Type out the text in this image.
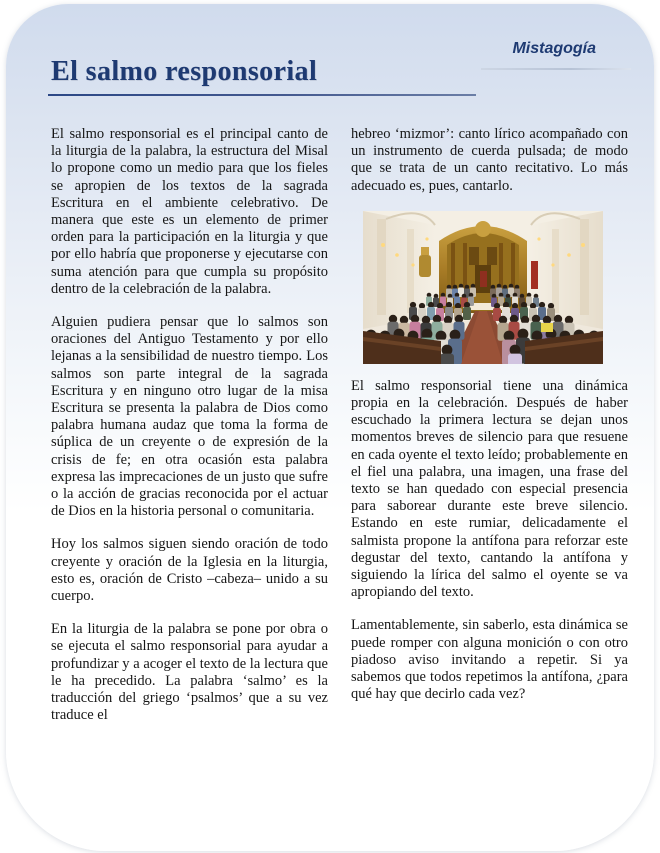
Mistagogía
El salmo responsorial

El salmo responsorial es el principal canto de la liturgia de la palabra, la estructura del Misal lo propone como un medio para que los fieles se apropien de los textos de la sagrada Escritura en el ambiente celebrativo. De manera que este es un elemento de primer orden para la participación en la liturgia y que por ello habría que proponerse y ejecutarse con suma atención para que cumpla su propósito dentro de la celebración de la palabra.

Alguien pudiera pensar que lo salmos son oraciones del Antiguo Testamento y por ello lejanas a la sensibilidad de nuestro tiempo. Los salmos son parte integral de la sagrada Escritura y en ninguno otro lugar de la misa Escritura se presenta la palabra de Dios como palabra humana audaz que toma la forma de súplica de un creyente o de expresión de la crisis de fe; en otra ocasión esta palabra expresa las imprecaciones de un justo que sufre o la acción de gracias reconocida por el actuar de Dios en la historia personal o comunitaria.

Hoy los salmos siguen siendo oración de todo creyente y oración de la Iglesia en la liturgia, esto es, oración de Cristo –cabeza– unido a su cuerpo.

En la liturgia de la palabra se pone por obra o se ejecuta el salmo responsorial para ayudar a profundizar y a acoger el texto de la lectura que le ha precedido. La palabra ‘salmo’ es la traducción del griego ‘psalmos’ que a su vez traduce el

hebreo ‘mizmor’: canto lírico acompañado con un instrumento de cuerda pulsada; de modo que se trata de un canto recitativo. Lo más adecuado es, pues, cantarlo.

El salmo responsorial tiene una dinámica propia en la celebración. Después de haber escuchado la primera lectura se dejan unos momentos breves de silencio para que resuene en cada oyente el texto leído; probablemente en el fiel una palabra, una imagen, una frase del texto se han quedado con especial presencia para saborear durante este breve silencio. Estando en este rumiar, delicadamente el salmista propone la antífona para reforzar este degustar del texto, cantando la antífona y siguiendo la lírica del salmo el oyente se va apropiando del texto.

Lamentablemente, sin saberlo, esta dinámica se puede romper con alguna monición o con otro piadoso aviso invitando a repetir. Si ya sabemos que todos repetimos la antífona, ¿para qué hay que decirlo cada vez?
